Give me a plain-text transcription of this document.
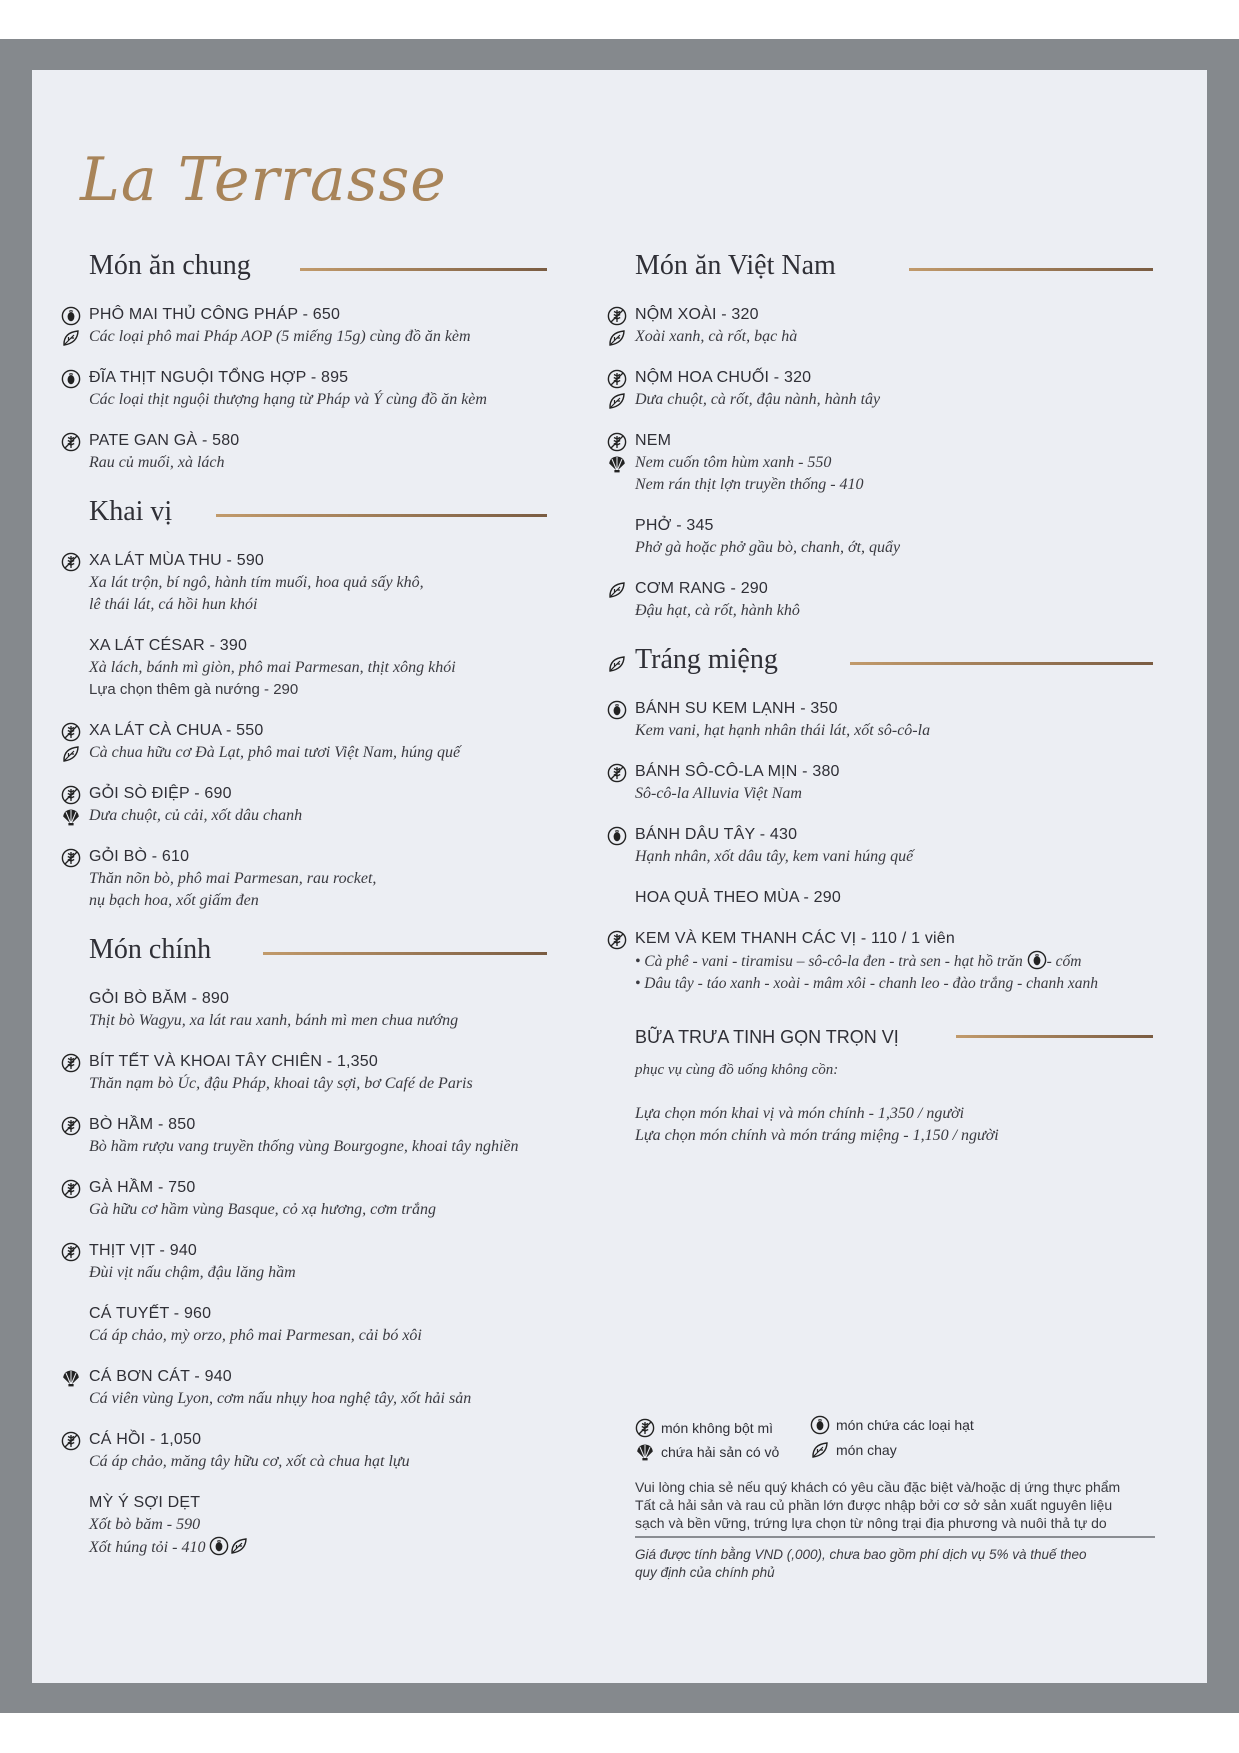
La Terrasse
Món ăn chung
PHÔ MAI THỦ CÔNG PHÁP - 650
Các loại phô mai Pháp AOP (5 miếng 15g) cùng đồ ăn kèm
ĐĨA THỊT NGUỘI TỔNG HỢP - 895
Các loại thịt nguội thượng hạng từ Pháp và Ý cùng đồ ăn kèm
PATE GAN GÀ - 580
Rau củ muối, xà lách
Khai vị
XA LÁT MÙA THU - 590
Xa lát trộn, bí ngô, hành tím muối, hoa quả sấy khô,
lê thái lát, cá hồi hun khói
XA LÁT CÉSAR - 390
Xà lách, bánh mì giòn, phô mai Parmesan, thịt xông khói
Lựa chọn thêm gà nướng - 290
XA LÁT CÀ CHUA - 550
Cà chua hữu cơ Đà Lạt, phô mai tươi Việt Nam, húng quế
GỎI SÒ ĐIỆP - 690
Dưa chuột, củ cải, xốt dâu chanh
GỎI BÒ - 610
Thăn nõn bò, phô mai Parmesan, rau rocket,
nụ bạch hoa, xốt giấm đen
Món chính
GỎI BÒ BĂM - 890
Thịt bò Wagyu, xa lát rau xanh, bánh mì men chua nướng
BÍT TẾT VÀ KHOAI TÂY CHIÊN - 1,350
Thăn nạm bò Úc, đậu Pháp, khoai tây sợi, bơ Café de Paris
BÒ HẦM - 850
Bò hầm rượu vang truyền thống vùng Bourgogne, khoai tây nghiền
GÀ HẦM - 750
Gà hữu cơ hầm vùng Basque, cỏ xạ hương, cơm trắng
THỊT VỊT - 940
Đùi vịt nấu chậm, đậu lăng hầm
CÁ TUYẾT - 960
Cá áp chảo, mỳ orzo, phô mai Parmesan, cải bó xôi
CÁ BƠN CÁT - 940
Cá viên vùng Lyon, cơm nấu nhụy hoa nghệ tây, xốt hải sản
CÁ HỒI - 1,050
Cá áp chảo, măng tây hữu cơ, xốt cà chua hạt lựu
MỲ Ý SỢI DẸT
Xốt bò băm - 590
Xốt húng tỏi - 410
Món ăn Việt Nam
NỘM XOÀI - 320
Xoài xanh, cà rốt, bạc hà
NỘM HOA CHUỐI - 320
Dưa chuột, cà rốt, đậu nành, hành tây
NEM
Nem cuốn tôm hùm xanh - 550
Nem rán thịt lợn truyền thống - 410
PHỞ - 345
Phở gà hoặc phở gầu bò, chanh, ớt, quẩy
CƠM RANG - 290
Đậu hạt, cà rốt, hành khô
Tráng miệng
BÁNH SU KEM LẠNH - 350
Kem vani, hạt hạnh nhân thái lát, xốt sô-cô-la
BÁNH SÔ-CÔ-LA MỊN - 380
Sô-cô-la Alluvia Việt Nam
BÁNH DÂU TÂY - 430
Hạnh nhân, xốt dâu tây, kem vani húng quế
HOA QUẢ THEO MÙA - 290
KEM VÀ KEM THANH CÁC VỊ - 110 / 1 viên
• Cà phê - vani - tiramisu – sô-cô-la đen - trà sen - hạt hồ trăn - cốm
• Dâu tây - táo xanh - xoài - mâm xôi - chanh leo - đào trắng - chanh xanh
BỮA TRƯA TINH GỌN TRỌN VỊ
phục vụ cùng đồ uống không cồn:
Lựa chọn món khai vị và món chính - 1,350 / người
Lựa chọn món chính và món tráng miệng - 1,150 / người
món không bột mì	món chứa các loại hạt
chứa hải sản có vỏ	món chay
Vui lòng chia sẻ nếu quý khách có yêu cầu đặc biệt và/hoặc dị ứng thực phẩm
Tất cả hải sản và rau củ phần lớn được nhập bởi cơ sở sản xuất nguyên liệu
sạch và bền vững, trứng lựa chọn từ nông trại địa phương và nuôi thả tự do
Giá được tính bằng VND (,000), chưa bao gồm phí dịch vụ 5% và thuế theo
quy định của chính phủ
